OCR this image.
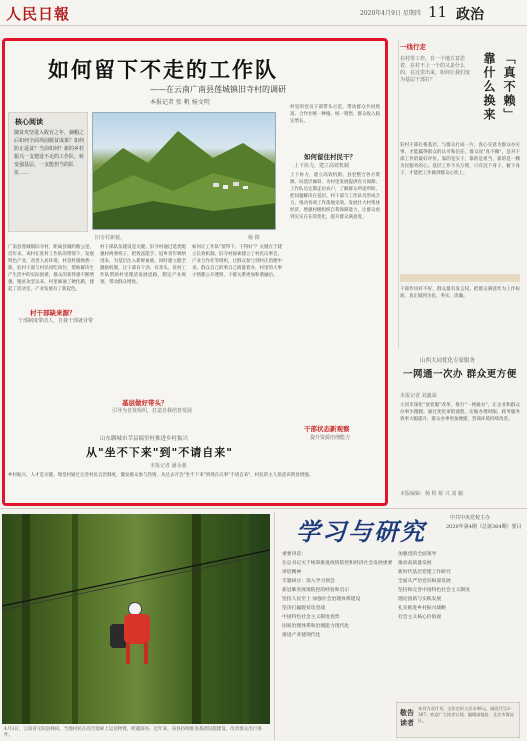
人民日報	2020年4月9日 星期四 11 政治
如何留下不走的工作队
——在云南广南县莲城镇旧寺村的调研
本报记者 张 帆 杨文明
核心阅读
随贫攻坚进入收官之年，摘帽之后如何全面巩固脱贫成果？如何防止返贫？当前如何？新的乡村振兴一支建设不走的工作队，转变强基层，一支能担当的队伍……
旧寺村新貌。	杨 摄
广南县莲城镇旧寺村，距离县城约数公里。近年来，该村在驻村工作队的带领下，发展特色产业，改善人居环境，村容村貌焕然一新。驻村干部与村民同吃同住，帮助解决生产生活中的实际困难，群众的获得感不断增强。脱贫攻坚以来，村里修通了硬化路，建起了活动室，产业发展有了新起色。
村干部缺来源？
干部制度带动人，自我干部就业带
村干部队伍建设是关键。旧寺村通过选优配强村两委班子，把致富能手、返乡青年吸纳进来，为基层注入新鲜血液。同时建立健全激励机制，让干部有干劲、有奔头。驻村工作队帮助村里理清发展思路，制定产业规划，带动群众增收。
基层做好带头？
引导为自发组织，打造自我培育发展
如何让工作队"留得下、干得好"？关键在于建立长效机制。旧寺村探索建立了村民议事会、产业合作社等组织，让群众参与到村庄治理中来。群众自己的事自己商量着办，村里的大事小情都公开透明，干群关系更加和谐融洽。
村里的党员干部带头示范，带动群众共同致富。合作社统一种植、统一销售，群众收入稳定增长。
如何留住村民干？
上下协力，建立高效机制
上下协力，建立高效机制。县里整合各方资源，向基层倾斜，为村里发展提供有力保障。工作队员定期走访农户，了解群众所思所盼，把问题解决在基层。村干部与工作队员形成合力，推动各项工作落地见效。发展壮大村集体经济，增强村级组织自我保障能力，让群众看到实实在在的变化，提升群众满意度。
干部状态新观察
提升资源治理能力
山东聊城市莘县瑞堂村推进乡村振兴
从"坐不下来"到"不请自来"
本报记者 潘永强
乡村振兴，人才是关键。瑞堂村通过完善村民自治制度，激发群众参与热情，从过去开会"坐不下来"到现在议事"不请自来"，村民的主人翁意识明显增强。
一线行走
在村里工作，有一个地方意思着，在村不上一个的又是什么的，在这里出来，如何让我们变为基层干部打？	靠什么换来 「真不赖」
驻村干部扎根基层，与群众打成一片，真心实意为群众办实事，才能赢得群众的认可和信任。群众说"真不赖"，是对干部工作的最好评价。靠的是实干，靠的是担当，靠的是一颗为民服务的心。基层工作千头万绪，只有沉下身子、俯下身子，才能把工作做到群众心坎上。
干部作风好不好，群众最有发言权。把群众满意作为工作标准，真正做到为民、务实、清廉。
山西大同优化专家服务
一网通一次办 群众更方便
本报记者 刘鑫焱
大同市深化"放管服"改革，推行"一网通办"，让企业和群众办事少跑腿。通过优化审批流程、压缩办理时限，政务服务效率大幅提升，群众办事更加便捷，营商环境持续改善。
本版编辑：杨 程 蔡 兴 刘 颖
4月3日，云南省元阳县梯田，当地村民在高空溜索上运送物资，跨越深谷。近年来，该县持续推进基础设施建设，改善群众出行条件。
学习与研究	中共中央党校主办
2020年第4期（总第364期）要目
重要讲话：
在总书记关于统筹推进疫情防控和经济社会发展重要讲话精神
专题研讨：深入学习领会
新冠肺炎疫情防控的经验和启示
坚持人民至上 加强社会治理体系建设
坚决打赢脱贫攻坚战
中国特色社会主义制度优势
国家治理体系和治理能力现代化
推进产业链现代化
加强党的全面领导
推动高质量发展
新时代基层党建工作研究
全面从严治党向纵深发展
坚持和完善中国特色社会主义制度
理论创新与实践发展
扎实推进乡村振兴战略
社会主义核心价值观
敬告读者
本刊为双月刊，全年定价人民币48元，邮发代号2-367。欢迎广大读者订阅。编辑部地址：北京市海淀区。
